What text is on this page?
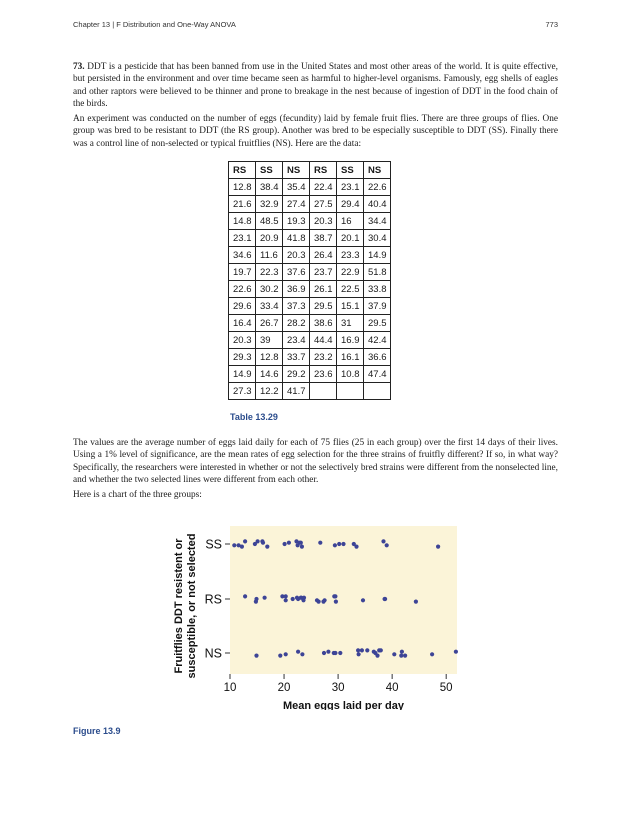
Chapter 13 | F Distribution and One-Way ANOVA	773

73. DDT is a pesticide that has been banned from use in the United States and most other areas of the world. It is quite effective, but persisted in the environment and over time became seen as harmful to higher-level organisms. Famously, egg shells of eagles and other raptors were believed to be thinner and prone to breakage in the nest because of ingestion of DDT in the food chain of the birds.

An experiment was conducted on the number of eggs (fecundity) laid by female fruit flies. There are three groups of flies. One group was bred to be resistant to DDT (the RS group). Another was bred to be especially susceptible to DDT (SS). Finally there was a control line of non-selected or typical fruitflies (NS). Here are the data:

RS	SS	NS	RS	SS	NS
12.8	38.4	35.4	22.4	23.1	22.6
21.6	32.9	27.4	27.5	29.4	40.4
14.8	48.5	19.3	20.3	16	34.4
23.1	20.9	41.8	38.7	20.1	30.4
34.6	11.6	20.3	26.4	23.3	14.9
19.7	22.3	37.6	23.7	22.9	51.8
22.6	30.2	36.9	26.1	22.5	33.8
29.6	33.4	37.3	29.5	15.1	37.9
16.4	26.7	28.2	38.6	31	29.5
20.3	39	23.4	44.4	16.9	42.4
29.3	12.8	33.7	23.2	16.1	36.6
14.9	14.6	29.2	23.6	10.8	47.4
27.3	12.2	41.7			
Table 13.29

The values are the average number of eggs laid daily for each of 75 flies (25 in each group) over the first 14 days of their lives. Using a 1% level of significance, are the mean rates of egg selection for the three strains of fruitfly different? If so, in what way? Specifically, the researchers were interested in whether or not the selectively bred strains were different from the nonselected line, and whether the two selected lines were different from each other.

Here is a chart of the three groups:

10	20	30	40	50
SS
RS
NS
Mean eggs laid per day
Fruitflies DDT resistent or susceptible, or not selected
Figure 13.9
